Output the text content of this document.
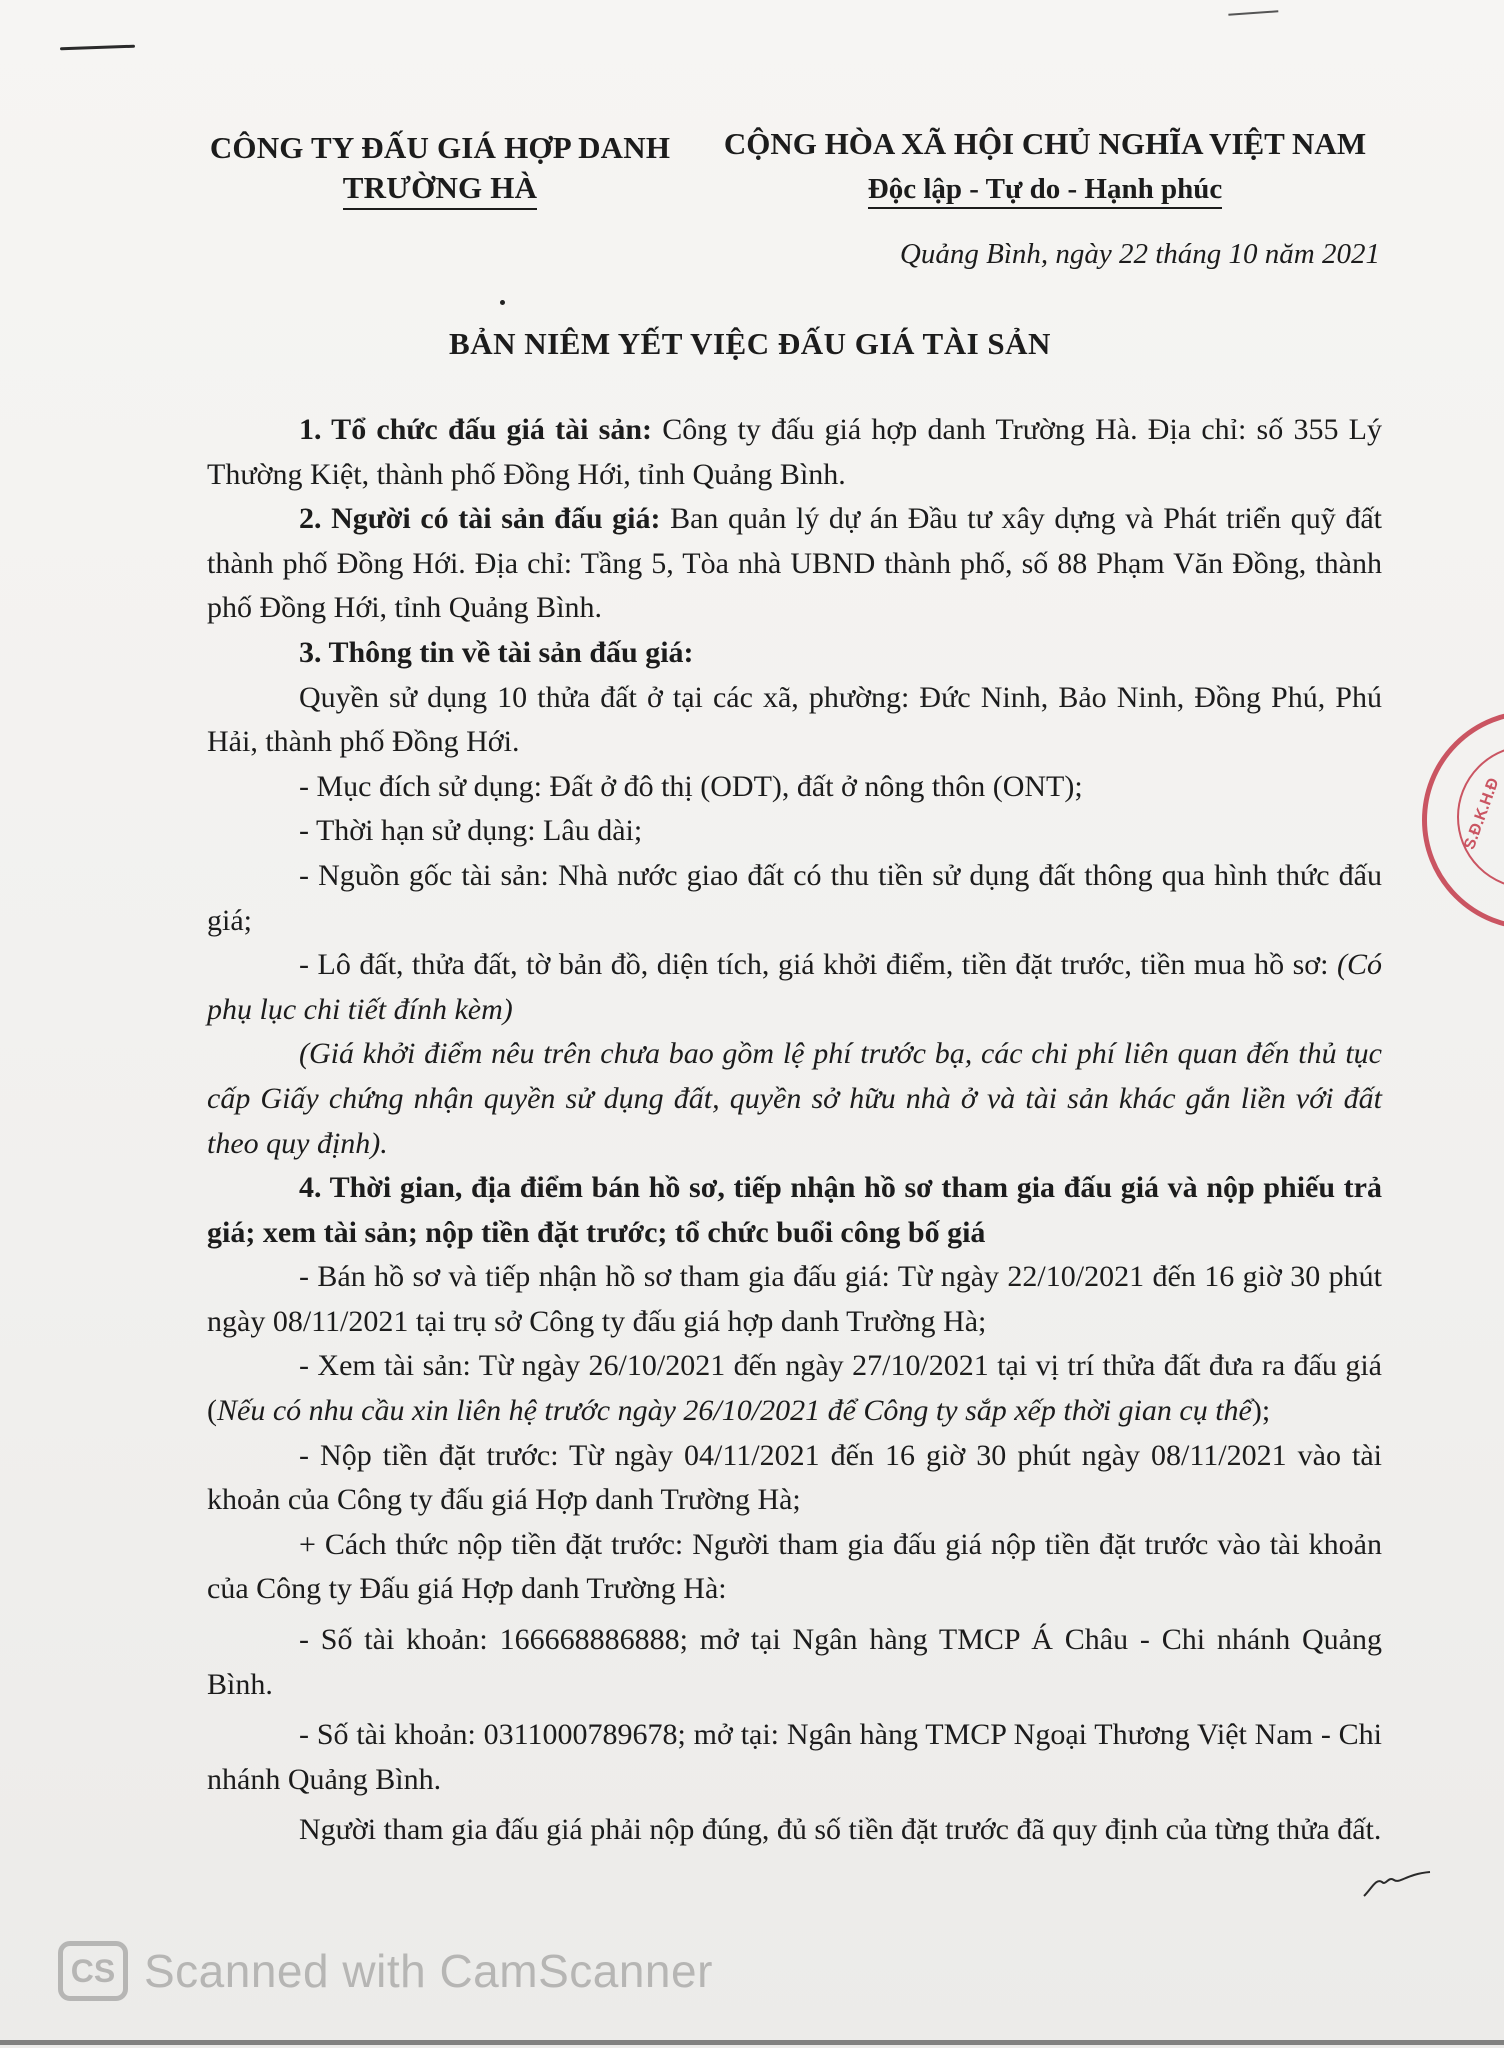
CÔNG TY ĐẤU GIÁ HỢP DANH
TRƯỜNG HÀ
CỘNG HÒA XÃ HỘI CHỦ NGHĨA VIỆT NAM
Độc lập - Tự do - Hạnh phúc
Quảng Bình, ngày 22 tháng 10 năm 2021
BẢN NIÊM YẾT VIỆC ĐẤU GIÁ TÀI SẢN

1. Tổ chức đấu giá tài sản: Công ty đấu giá hợp danh Trường Hà. Địa chỉ: số 355 Lý Thường Kiệt, thành phố Đồng Hới, tỉnh Quảng Bình.

2. Người có tài sản đấu giá: Ban quản lý dự án Đầu tư xây dựng và Phát triển quỹ đất thành phố Đồng Hới. Địa chỉ: Tầng 5, Tòa nhà UBND thành phố, số 88 Phạm Văn Đồng, thành phố Đồng Hới, tỉnh Quảng Bình.

3. Thông tin về tài sản đấu giá:

Quyền sử dụng 10 thửa đất ở tại các xã, phường: Đức Ninh, Bảo Ninh, Đồng Phú, Phú Hải, thành phố Đồng Hới.

- Mục đích sử dụng: Đất ở đô thị (ODT), đất ở nông thôn (ONT);

- Thời hạn sử dụng: Lâu dài;

- Nguồn gốc tài sản: Nhà nước giao đất có thu tiền sử dụng đất thông qua hình thức đấu giá;

- Lô đất, thửa đất, tờ bản đồ, diện tích, giá khởi điểm, tiền đặt trước, tiền mua hồ sơ: (Có phụ lục chi tiết đính kèm)

(Giá khởi điểm nêu trên chưa bao gồm lệ phí trước bạ, các chi phí liên quan đến thủ tục cấp Giấy chứng nhận quyền sử dụng đất, quyền sở hữu nhà ở và tài sản khác gắn liền với đất theo quy định).

4. Thời gian, địa điểm bán hồ sơ, tiếp nhận hồ sơ tham gia đấu giá và nộp phiếu trả giá; xem tài sản; nộp tiền đặt trước; tổ chức buổi công bố giá

- Bán hồ sơ và tiếp nhận hồ sơ tham gia đấu giá: Từ ngày 22/10/2021 đến 16 giờ 30 phút ngày 08/11/2021 tại trụ sở Công ty đấu giá hợp danh Trường Hà;

- Xem tài sản: Từ ngày 26/10/2021 đến ngày 27/10/2021 tại vị trí thửa đất đưa ra đấu giá (Nếu có nhu cầu xin liên hệ trước ngày 26/10/2021 để Công ty sắp xếp thời gian cụ thể);

- Nộp tiền đặt trước: Từ ngày 04/11/2021 đến 16 giờ 30 phút ngày 08/11/2021 vào tài khoản của Công ty đấu giá Hợp danh Trường Hà;

+ Cách thức nộp tiền đặt trước: Người tham gia đấu giá nộp tiền đặt trước vào tài khoản của Công ty Đấu giá Hợp danh Trường Hà:

- Số tài khoản: 166668886888; mở tại Ngân hàng TMCP Á Châu - Chi nhánh Quảng Bình.

- Số tài khoản: 0311000789678; mở tại: Ngân hàng TMCP Ngoại Thương Việt Nam - Chi nhánh Quảng Bình.

Người tham gia đấu giá phải nộp đúng, đủ số tiền đặt trước đã quy định của từng thửa đất.

S.Đ.K.H.Đ
CS Scanned with CamScanner
